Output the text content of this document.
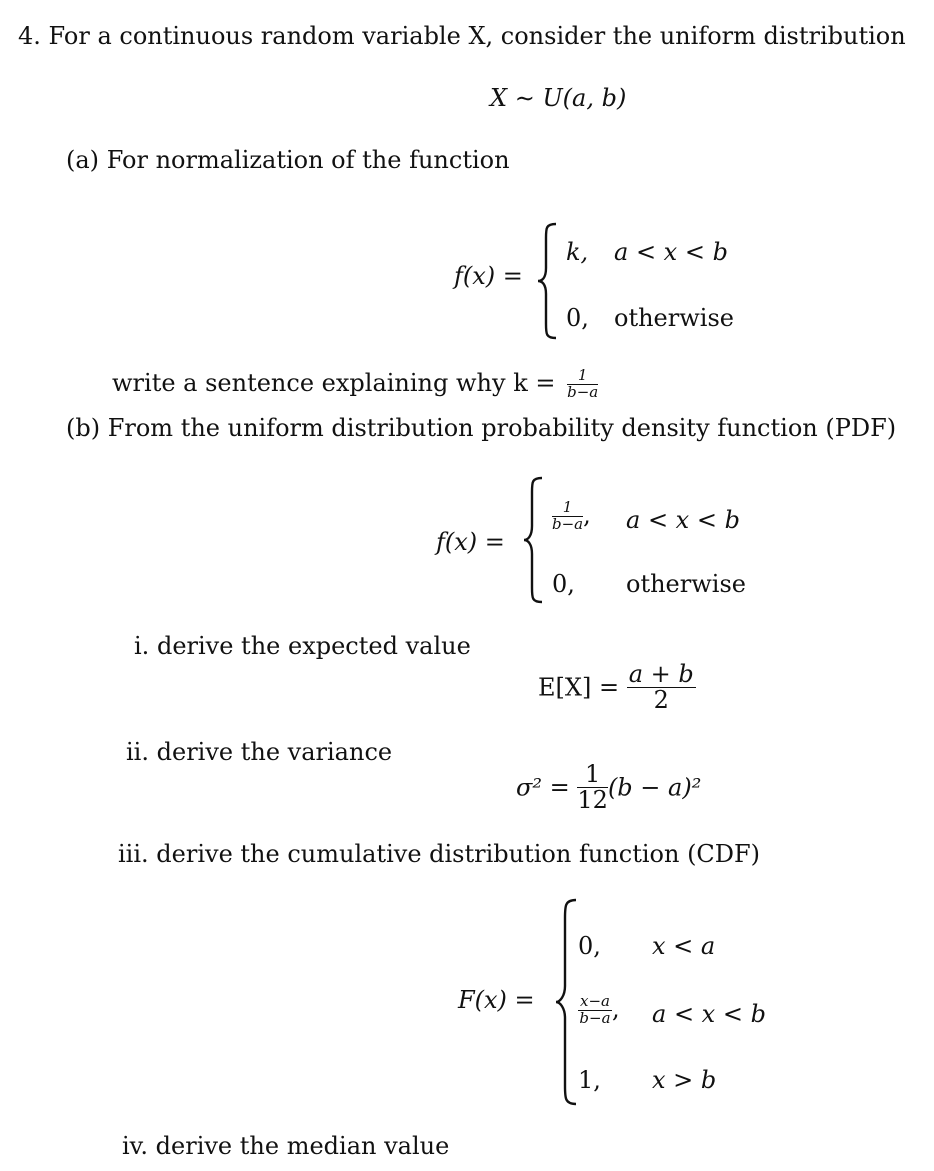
4. For a continuous random variable X, consider the uniform distribution
X ∼ U(a, b)
(a) For normalization of the function
f(x) =
k, a < x < b
0, otherwise
write a sentence explaining why $k = \frac{1}{b-a}$
(b) From the uniform distribution probability density function (PDF)
f(x) =
$\frac{1}{b-a}$ , a < x < b
0, otherwise
i. derive the expected value
$E[X] = \frac{a + b}{2}$
ii. derive the variance
$\sigma^2 = \frac{1}{12} (b - a)^2$
iii. derive the cumulative distribution function (CDF)
F(x) =
0, x < a
$\frac{x-a}{b-a}$ , a < x < b
1, x > b
iv. derive the median value
